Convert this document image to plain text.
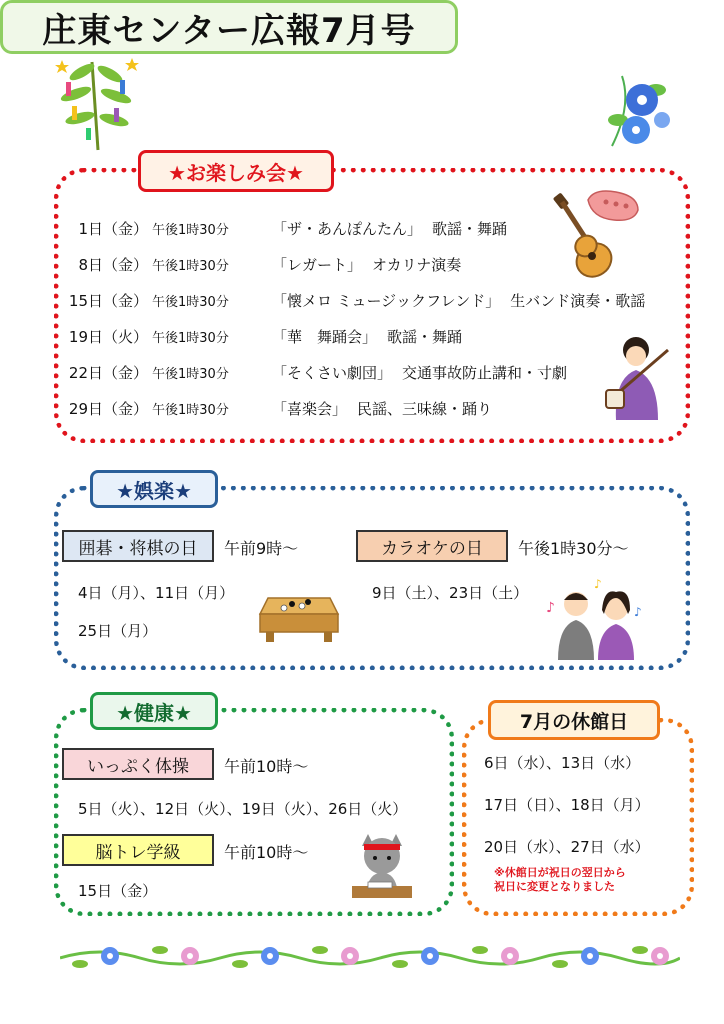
庄東センター広報7月号
★お楽しみ会★
1日（金） 午後1時30分	「ザ・あんぽんたん」 歌謡・舞踊
8日（金） 午後1時30分	「レガート」 オカリナ演奏
15日（金） 午後1時30分	「懐メロ ミュージックフレンド」 生バンド演奏・歌謡
19日（火） 午後1時30分	「華　舞踊会」 歌謡・舞踊
22日（金） 午後1時30分	「そくさい劇団」 交通事故防止講和・寸劇
29日（金） 午後1時30分	「喜楽会」 民謡、三味線・踊り
★娯楽★
囲碁・将棋の日	午前9時～
4日（月）、11日（月）
25日（月）
カラオケの日	午後1時30分～
9日（土）、23日（土）
♪
♪
♪
★健康★
いっぷく体操	午前10時～
5日（火）、12日（火）、19日（火）、26日（火）
脳トレ学級	午前10時～
15日（金）
7月の休館日
6日（水）、13日（水）
17日（日）、18日（月）
20日（水）、27日（水）
※休館日が祝日の翌日から
祝日に変更となりました
